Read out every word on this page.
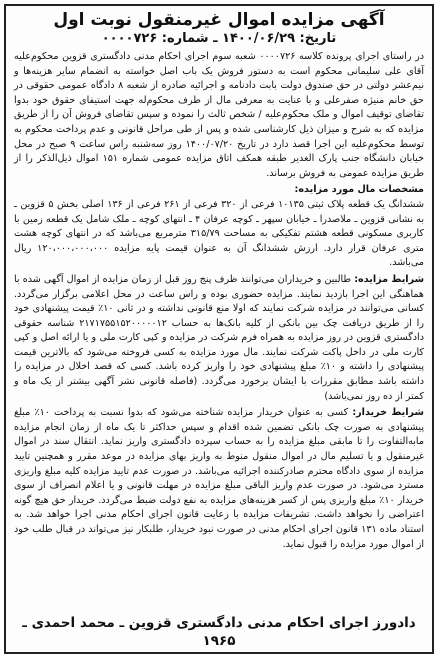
آگهی مزایده اموال غیرمنقول نوبت اول
تاریخ: ۱۴۰۰/۰۶/۲۹ ـ شماره: ۰۰۰۰۷۲۶

در راستای اجرای پرونده کلاسه ۰۰۰۰۷۲۶ شعبه سوم اجرای احکام مدنی دادگستری قزوین محکوم‌علیه آقای علی سلیمانی محکوم است به دستور فروش یک باب اصل خواسته به انضمام سایر هزینه‌ها و نیم‌عشر دولتی در حق صندوق دولت بابت دادنامه و اجرائیه صادره از شعبه ۸ دادگاه عمومی حقوقی در حق خانم منیژه صفرعلی و با عنایت به معرفی مال از طرف محکوم‌له جهت استیفای حقوق خود بدوا تقاضای توقیف اموال و ملک محکوم‌علیه / شخص ثالث را نموده و سپس تقاضای فروش آن را از طریق مزایده که به شرح و میزان ذیل کارشناسی شده و پس از طی مراحل قانونی و عدم پرداخت محکوم به توسط محکوم‌علیه این اجرا قصد دارد در تاریخ ۱۴۰۰/۰۷/۲۰ روز سه‌شنبه راس ساعت ۹ صبح در محل خیابان دانشگاه جنب پارک الغدیر طبقه همکف اتاق مزایده عمومی شماره ۱۵۱ اموال ذیل‌الذکر را از طریق مزایده عمومی به فروش برساند.

مشخصات مال مورد مزایده:
ششدانگ یک قطعه پلاک ثبتی ۱۰۱۳۵ فرعی از ۳۲۰ فرعی از ۲۶۱ فرعی از ۱۳۶ اصلی بخش ۵ قزوین ـ به نشانی قزوین ـ ملاصدرا ـ خیابان سپهر ـ کوچه عرفان ۴ ـ انتهای کوچه ـ ملک شامل یک قطعه زمین با کاربری مسکونی قطعه هشتم تفکیکی به مساحت ۳۱۵/۷۹ مترمربع می‌باشد که در انتهای کوچه هشت متری عرفان قرار دارد. ارزش ششدانگ آن به عنوان قیمت پایه مزایده ۱۲۰،۰۰۰،۰۰۰،۰۰۰ ریال می‌باشد.

شرایط مزایده: طالبین و خریداران می‌توانند ظرف پنج روز قبل از زمان مزایده از اموال آگهی شده با هماهنگی این اجرا بازدید نمایند. مزایده حضوری بوده و راس ساعت در محل اعلامی برگزار می‌گردد. کسانی می‌توانند در مزایده شرکت نمایند که اولا منع قانونی نداشته و در ثانی ۱۰٪ قیمت پیشنهادی خود را از طریق دریافت چک بین بانکی از کلیه بانک‌ها به حساب ۲۱۷۱۷۵۵۱۵۲۰۰۰۰۰۱۲ شناسه حقوقی دادگستری قزوین در روز مزایده به همراه فرم شرکت در مزایده و کپی کارت ملی و یا ارائه اصل و کپی کارت ملی در داخل پاکت شرکت نمایند. مال مورد مزایده به کسی فروخته می‌شود که بالاترین قیمت پیشنهادی را داشته و ۱۰٪ مبلغ پیشنهادی خود را واریز کرده باشد. کسی که قصد اخلال در مزایده را داشته باشد مطابق مقررات با ایشان برخورد می‌گردد. (فاصله قانونی نشر آگهی بیشتر از یک ماه و کمتر از ده روز نمی‌باشد)

شرایط خریدار: کسی به عنوان خریدار مزایده شناخته می‌شود که بدوا نسبت به پرداخت ۱۰٪ مبلغ پیشنهادی به صورت چک بانکی تضمین شده اقدام و سپس حداکثر تا یک ماه از زمان انجام مزایده مابه‌التفاوت را تا مابقی مبلغ مزایده را به حساب سپرده دادگستری واریز نماید. انتقال سند در اموال غیرمنقول و یا تسلیم مال در اموال منقول منوط به واریز بهای مزایده در موعد مقرر و همچنین تایید مزایده از سوی دادگاه محترم صادرکننده اجرائیه می‌باشد. در صورت عدم تایید مزایده کلیه مبلغ واریزی مسترد می‌شود. در صورت عدم واریز الباقی مبلغ مزایده در مهلت قانونی و یا اعلام انصراف از سوی خریدار ۱۰٪ مبلغ واریزی پس از کسر هزینه‌های مزایده به نفع دولت ضبط می‌گردد. خریدار حق هیچ گونه اعتراضی را نخواهد داشت. تشریفات مزایده با رعایت قانون اجرای احکام مدنی اجرا خواهد شد. به استناد ماده ۱۳۱ قانون اجرای احکام مدنی در صورت نبود خریدار، طلبکار نیز می‌تواند در قبال طلب خود از اموال مورد مزایده را قبول نماید.

دادورز اجرای احکام مدنی دادگستری قزوین ـ محمد احمدی ـ ۱۹۶۵
